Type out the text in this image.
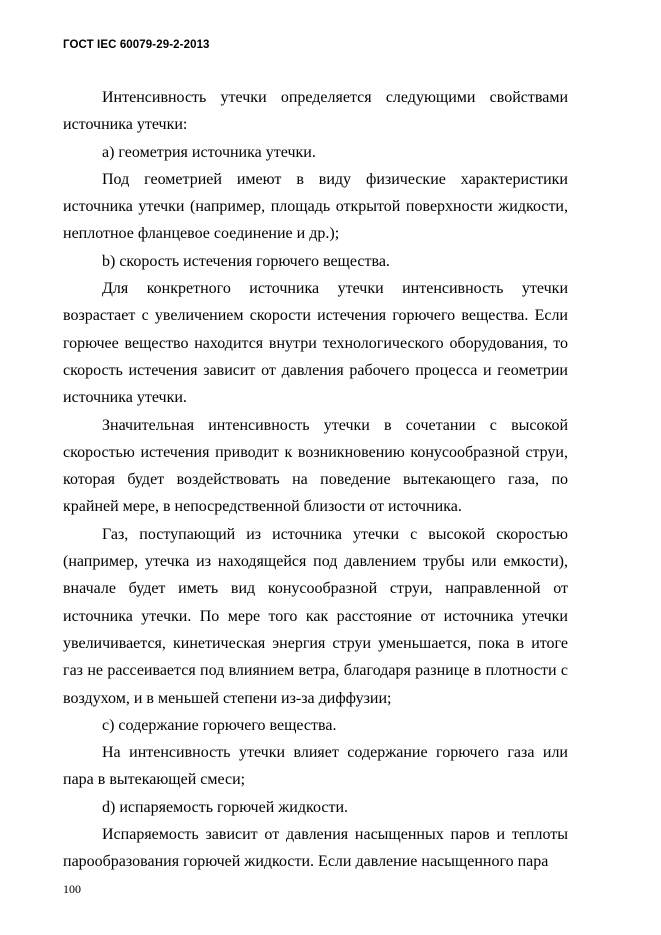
ГОСТ IEC 60079-29-2-2013

Интенсивность утечки определяется следующими свойствами источника утечки:

a) геометрия источника утечки.

Под геометрией имеют в виду физические характеристики источника утечки (например, площадь открытой поверхности жидкости, неплотное фланцевое соединение и др.);

b) скорость истечения горючего вещества.

Для конкретного источника утечки интенсивность утечки возрастает с увеличением скорости истечения горючего вещества. Если горючее вещество находится внутри технологического оборудования, то скорость истечения зависит от давления рабочего процесса и геометрии источника утечки.

Значительная интенсивность утечки в сочетании с высокой скоростью истечения приводит к возникновению конусообразной струи, которая будет воздействовать на поведение вытекающего газа, по крайней мере, в непосредственной близости от источника.

Газ, поступающий из источника утечки с высокой скоростью (например, утечка из находящейся под давлением трубы или емкости), вначале будет иметь вид конусообразной струи, направленной от источника утечки. По мере того как расстояние от источника утечки увеличивается, кинетическая энергия струи уменьшается, пока в итоге газ не рассеивается под влиянием ветра, благодаря разнице в плотности с воздухом, и в меньшей степени из-за диффузии;

c) содержание горючего вещества.

На интенсивность утечки влияет содержание горючего газа или пара в вытекающей смеси;

d) испаряемость горючей жидкости.

Испаряемость зависит от давления насыщенных паров и теплоты парообразования горючей жидкости. Если давление насыщенного пара

100
